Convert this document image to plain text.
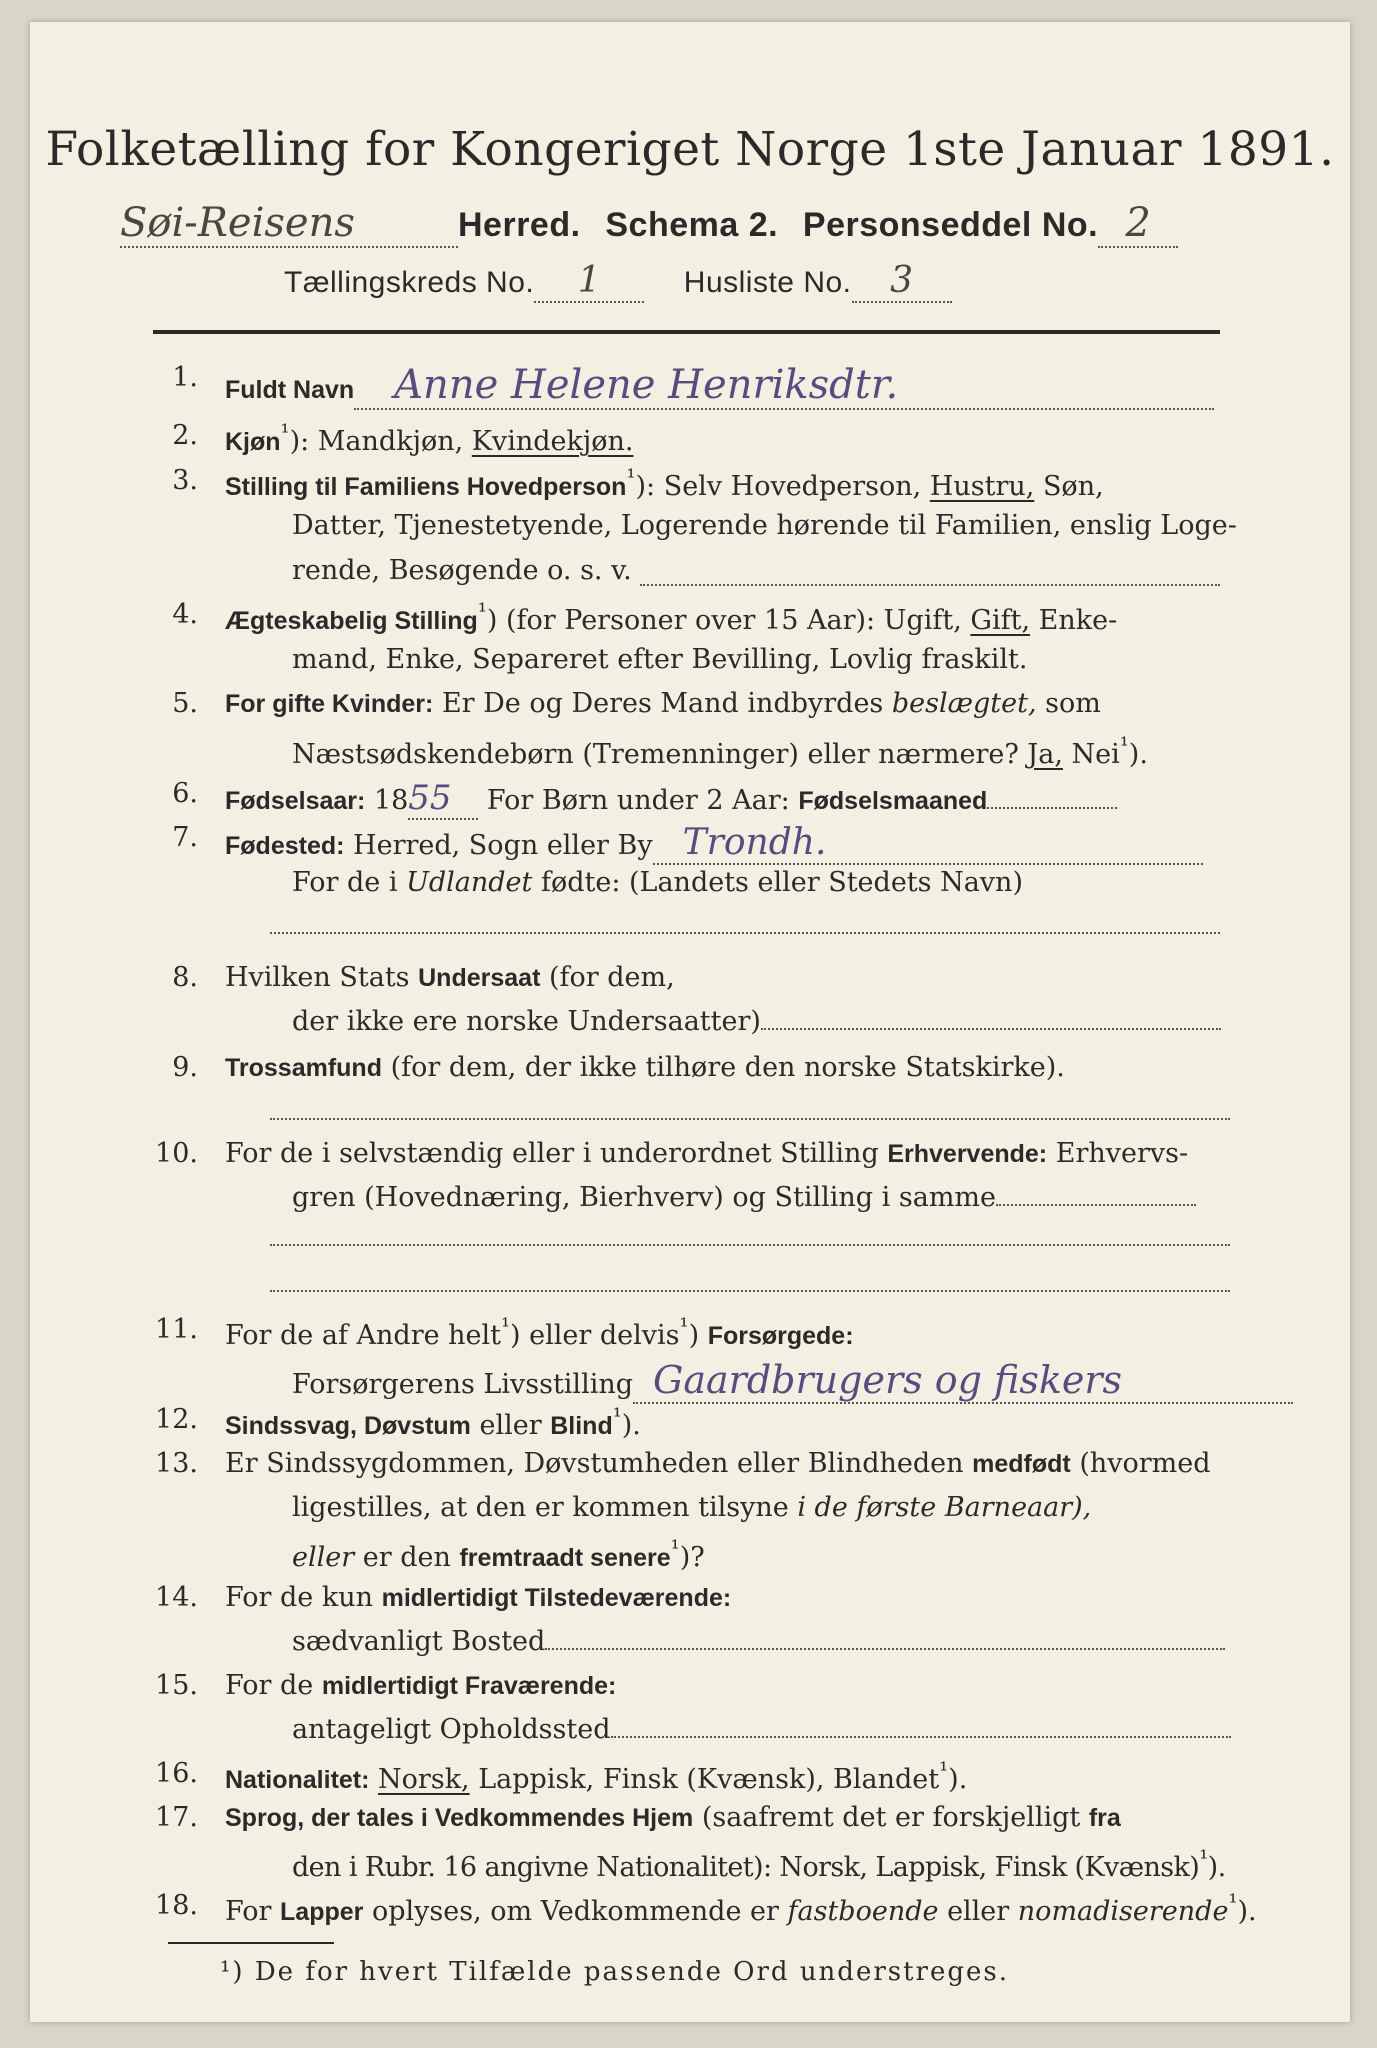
Folketælling for Kongeriget Norge 1ste Januar 1891.
Søi-Reisens	Herred. Schema 2. Personseddel No. 2
Tællingskreds No. 1	Husliste No. 3
1. Fuldt Navn Anne Helene Henriksdtr.
2. Kjøn$^{^1}$): Mandkjøn, Kvindekjøn.
3. Stilling til Familiens Hovedperson$^{^1}$): Selv Hovedperson, Hustru, Søn,
Datter, Tjenestetyende, Logerende hørende til Familien, enslig Loge-
rende, Besøgende o. s. v.
4. Ægteskabelig Stilling$^{^1}$) (for Personer over 15 Aar): Ugift, Gift, Enke-
mand, Enke, Separeret efter Bevilling, Lovlig fraskilt.
5. For gifte Kvinder: Er De og Deres Mand indbyrdes beslægtet, som
Næstsødskendebørn (Tremenninger) eller nærmere? Ja, Nei$^{^1}$).
6. Fødselsaar: 1855 For Børn under 2 Aar: Fødselsmaaned
7. Fødested: Herred, Sogn eller By Trondh.
For de i Udlandet fødte: (Landets eller Stedets Navn)
8. Hvilken Stats Undersaat (for dem,
der ikke ere norske Undersaatter)
9. Trossamfund (for dem, der ikke tilhøre den norske Statskirke).
10. For de i selvstændig eller i underordnet Stilling Erhvervende: Erhvervs-
gren (Hovednæring, Bierhverv) og Stilling i samme
11. For de af Andre helt$^{^1}$) eller delvis$^{^1}$) Forsørgede:
Forsørgerens Livsstilling Gaardbrugers og fiskers
12. Sindssvag, Døvstum eller Blind$^{^1}$).
13. Er Sindssygdommen, Døvstumheden eller Blindheden medfødt (hvormed
ligestilles, at den er kommen tilsyne i de første Barneaar),
eller er den fremtraadt senere$^{^1}$)?
14. For de kun midlertidigt Tilstedeværende:
sædvanligt Bosted
15. For de midlertidigt Fraværende:
antageligt Opholdssted
16. Nationalitet: Norsk, Lappisk, Finsk (Kvænsk), Blandet$^{^1}$).
17. Sprog, der tales i Vedkommendes Hjem (saafremt det er forskjelligt fra
den i Rubr. 16 angivne Nationalitet): Norsk, Lappisk, Finsk (Kvænsk)$^{^1}$).
18. For Lapper oplyses, om Vedkommende er fastboende eller nomadiserende$^{^1}$).
¹) De for hvert Tilfælde passende Ord understreges.
